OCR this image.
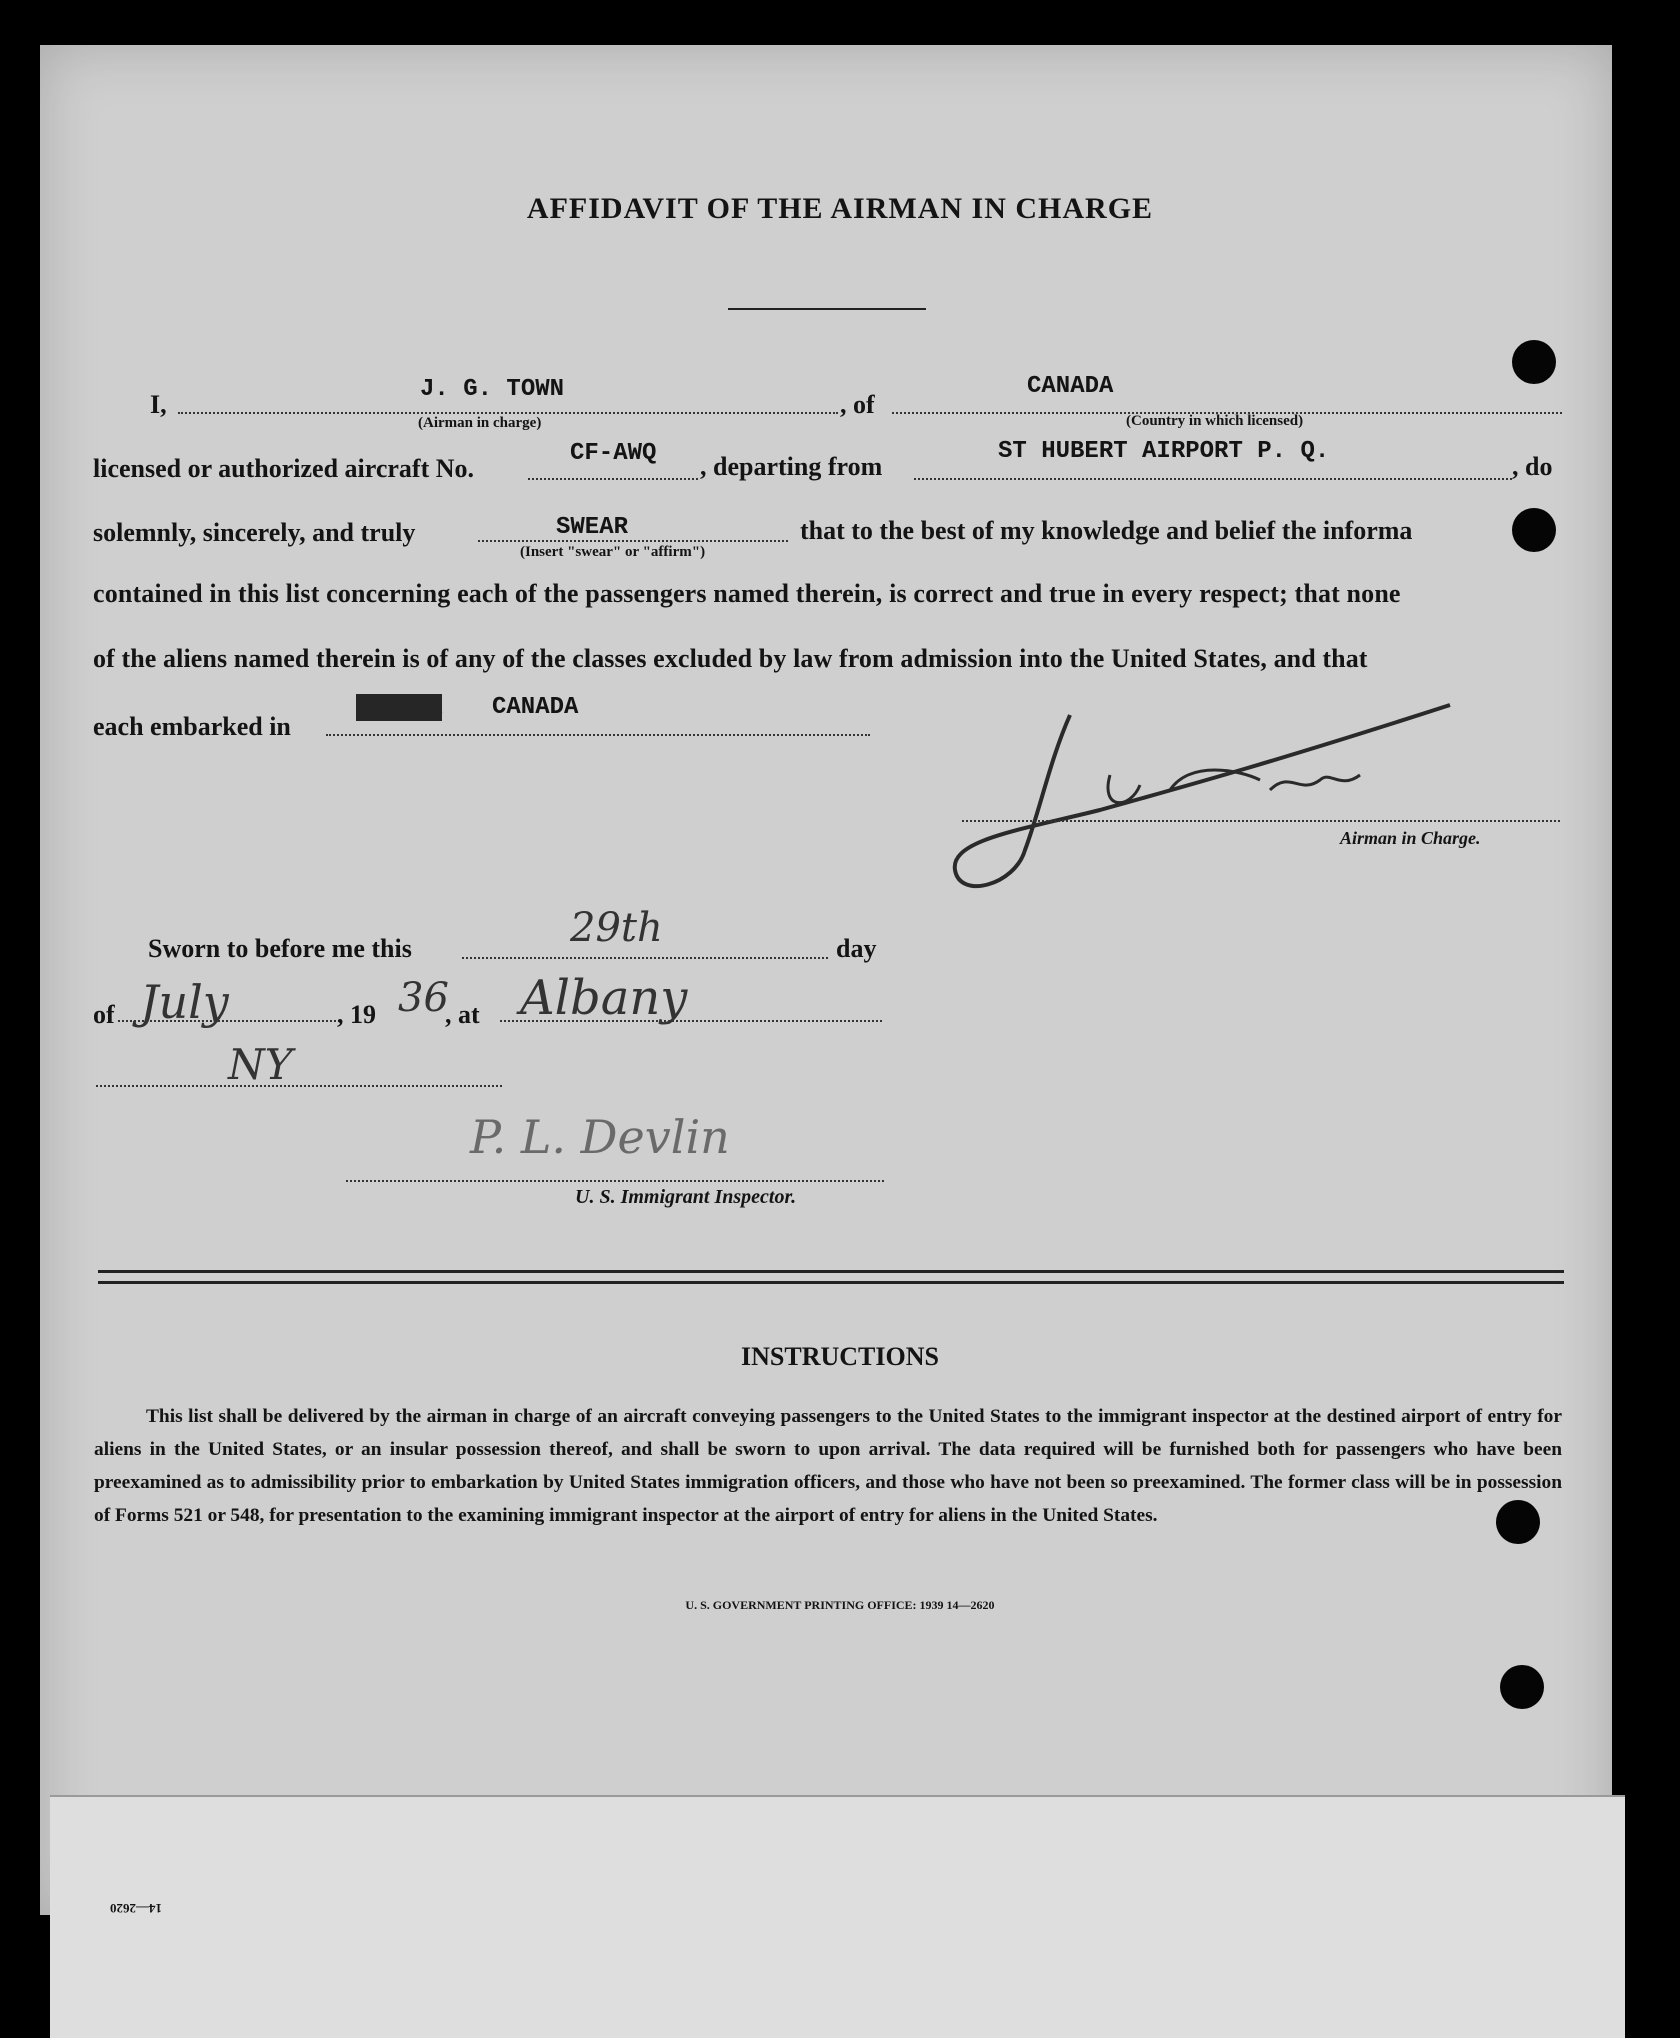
14—2620
AFFIDAVIT OF THE AIRMAN IN CHARGE
I,
J. G. TOWN
(Airman in charge)
, of
CANADA
(Country in which licensed)
licensed or authorized aircraft No.
CF-AWQ , departing from
ST HUBERT AIRPORT P. Q.
, do
solemnly, sincerely, and truly	SWEAR
(Insert "swear" or "affirm")
that to the best of my knowledge and belief the informa
contained in this list concerning each of the passengers named therein, is correct and true in every respect; that none
of the aliens named therein is of any of the classes excluded by law from admission into the United States, and that
each embarked in
XXXXXX CANADA
Airman in Charge.
Sworn to before me this	29th	day
of July	, 19 36
, at Albany
NY
P. L. Devlin
U. S. Immigrant Inspector.
INSTRUCTIONS
This list shall be delivered by the airman in charge of an aircraft conveying passengers to the United States to the immigrant inspector at the destined airport of entry for aliens in the United States, or an insular possession thereof, and shall be sworn to upon arrival. The data required will be furnished both for passengers who have been preexamined as to admissibility prior to embarkation by United States immigration officers, and those who have not been so preexamined. The former class will be in possession of Forms 521 or 548, for presentation to the examining immigrant inspector at the airport of entry for aliens in the United States.
U. S. GOVERNMENT PRINTING OFFICE: 1939 14—2620
